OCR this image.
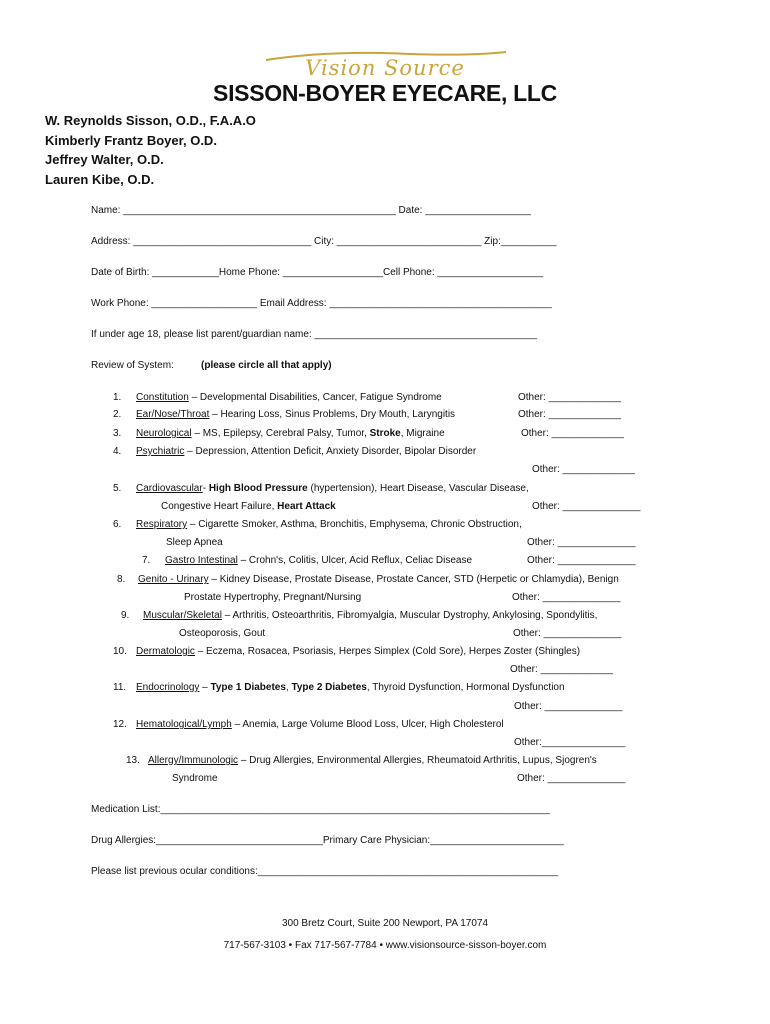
Vision Source
SISSON-BOYER EYECARE, LLC
W. Reynolds Sisson, O.D., F.A.A.O
Kimberly Frantz Boyer, O.D.
Jeffrey Walter, O.D.
Lauren Kibe, O.D.
Name: _________________________________________________ Date: ___________________
Address: ________________________________ City: __________________________ Zip:__________
Date of Birth: ____________Home Phone: __________________Cell Phone: ___________________
Work Phone: ___________________ Email Address: ________________________________________
If under age 18, please list parent/guardian name: ________________________________________
Review of System:	(please circle all that apply)
1. Constitution – Developmental Disabilities, Cancer, Fatigue Syndrome	Other: _____________
2. Ear/Nose/Throat – Hearing Loss, Sinus Problems, Dry Mouth, Laryngitis	Other: _____________
3. Neurological – MS, Epilepsy, Cerebral Palsy, Tumor, Stroke, Migraine	Other: _____________
4. Psychiatric – Depression, Attention Deficit, Anxiety Disorder, Bipolar Disorder
Other: _____________
5. Cardiovascular- High Blood Pressure (hypertension), Heart Disease, Vascular Disease,
Congestive Heart Failure, Heart Attack	Other: ______________
6. Respiratory – Cigarette Smoker, Asthma, Bronchitis, Emphysema, Chronic Obstruction,
Sleep Apnea	Other: ______________
7. Gastro Intestinal – Crohn's, Colitis, Ulcer, Acid Reflux, Celiac Disease	Other: ______________
8. Genito - Urinary – Kidney Disease, Prostate Disease, Prostate Cancer, STD (Herpetic or Chlamydia), Benign
Prostate Hypertrophy, Pregnant/Nursing	Other: ______________
9. Muscular/Skeletal – Arthritis, Osteoarthritis, Fibromyalgia, Muscular Dystrophy, Ankylosing, Spondylitis,
Osteoporosis, Gout	Other: ______________
10. Dermatologic – Eczema, Rosacea, Psoriasis, Herpes Simplex (Cold Sore), Herpes Zoster (Shingles)
Other: _____________
11. Endocrinology – Type 1 Diabetes, Type 2 Diabetes, Thyroid Dysfunction, Hormonal Dysfunction
Other: ______________
12. Hematological/Lymph – Anemia, Large Volume Blood Loss, Ulcer, High Cholesterol
Other:_______________
13. Allergy/Immunologic – Drug Allergies, Environmental Allergies, Rheumatoid Arthritis, Lupus, Sjogren's
Syndrome	Other: ______________
Medication List:______________________________________________________________________
Drug Allergies:______________________________Primary Care Physician:________________________
Please list previous ocular conditions:______________________________________________________
300 Bretz Court, Suite 200 Newport, PA 17074
717-567-3103 • Fax 717-567-7784 • www.visionsource-sisson-boyer.com
